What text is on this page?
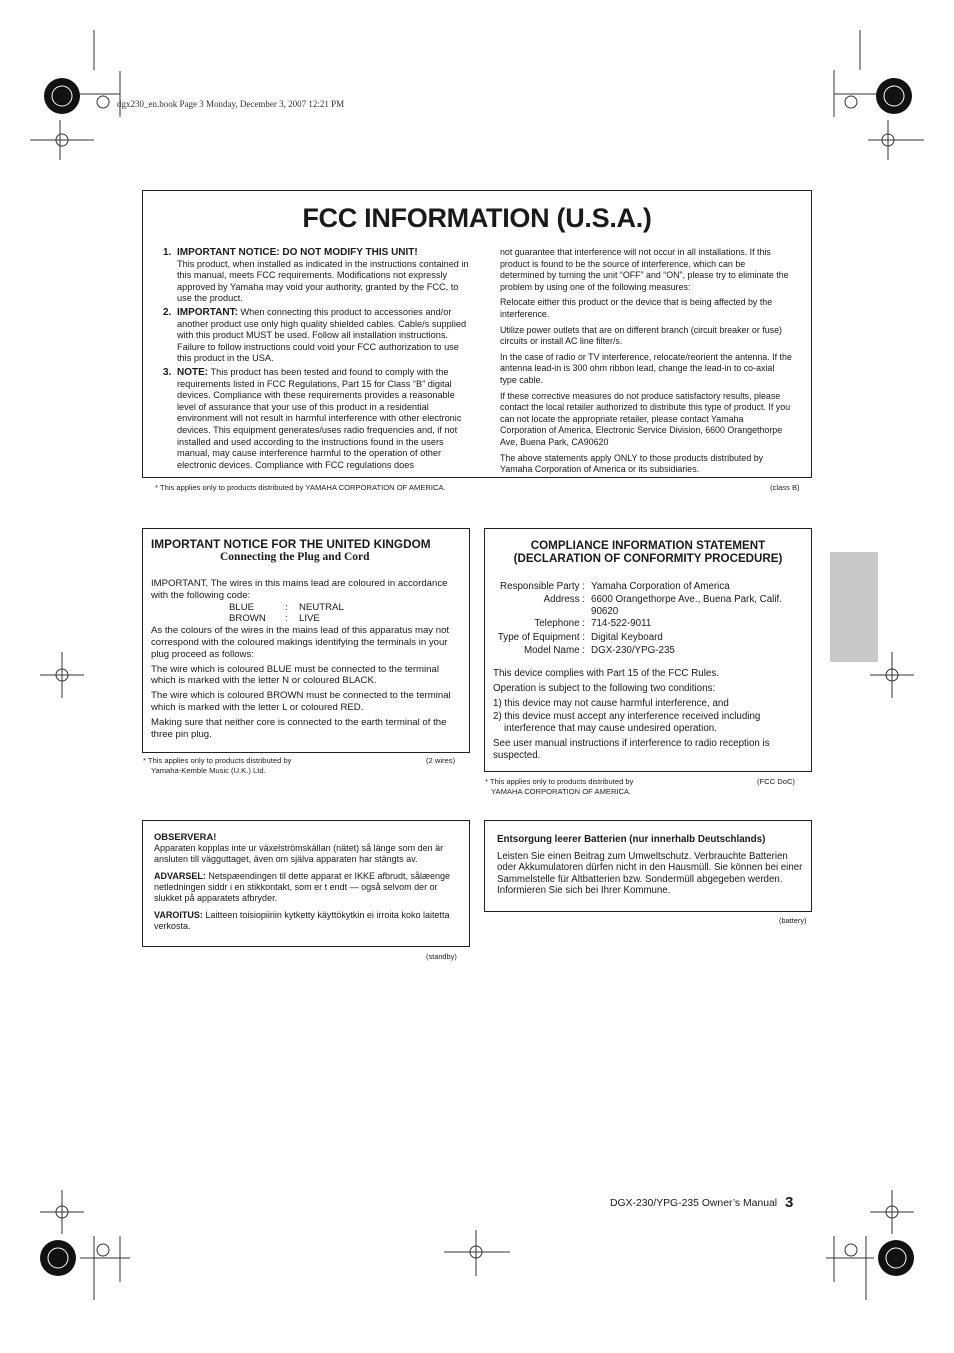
dgx230_en.book Page 3 Monday, December 3, 2007 12:21 PM
FCC INFORMATION (U.S.A.)
1. IMPORTANT NOTICE: DO NOT MODIFY THIS UNIT!
This product, when installed as indicated in the instructions contained in this manual, meets FCC requirements. Modifications not expressly approved by Yamaha may void your authority, granted by the FCC, to use the product.
2. IMPORTANT: When connecting this product to accessories and/or another product use only high quality shielded cables. Cable/s supplied with this product MUST be used. Follow all installation instructions. Failure to follow instructions could void your FCC authorization to use this product in the USA.
3. NOTE: This product has been tested and found to comply with the requirements listed in FCC Regulations, Part 15 for Class “B” digital devices. Compliance with these requirements provides a reasonable level of assurance that your use of this product in a residential environment will not result in harmful interference with other electronic devices. This equipment generates/uses radio frequencies and, if not installed and used according to the instructions found in the users manual, may cause interference harmful to the operation of other electronic devices. Compliance with FCC regulations does

not guarantee that interference will not occur in all installations. If this product is found to be the source of interference, which can be determined by turning the unit “OFF” and “ON”, please try to eliminate the problem by using one of the following measures:

Relocate either this product or the device that is being affected by the interference.

Utilize power outlets that are on different branch (circuit breaker or fuse) circuits or install AC line filter/s.

In the case of radio or TV interference, relocate/reorient the antenna. If the antenna lead-in is 300 ohm ribbon lead, change the lead-in to co-axial type cable.

If these corrective measures do not produce satisfactory results, please contact the local retailer authorized to distribute this type of product. If you can not locate the appropriate retailer, please contact Yamaha Corporation of America, Electronic Service Division, 6600 Orangethorpe Ave, Buena Park, CA90620

The above statements apply ONLY to those products distributed by Yamaha Corporation of America or its subsidiaries.

* This applies only to products distributed by YAMAHA CORPORATION OF AMERICA.	(class B)
IMPORTANT NOTICE FOR THE UNITED KINGDOM
Connecting the Plug and Cord

IMPORTANT. The wires in this mains lead are coloured in accordance with the following code:

BLUE	:	NEUTRAL
BROWN	:	LIVE

As the colours of the wires in the mains lead of this apparatus may not correspond with the coloured makings identifying the terminals in your plug proceed as follows:

The wire which is coloured BLUE must be connected to the terminal which is marked with the letter N or coloured BLACK.

The wire which is coloured BROWN must be connected to the terminal which is marked with the letter L or coloured RED.

Making sure that neither core is connected to the earth terminal of the three pin plug.

* This applies only to products distributed by
Yamaha-Kemble Music (U.K.) Ltd.
(2 wires)
COMPLIANCE INFORMATION STATEMENT
(DECLARATION OF CONFORMITY PROCEDURE)
Responsible Party : Yamaha Corporation of America
Address : 6600 Orangethorpe Ave., Buena Park, Calif. 90620
Telephone : 714-522-9011
Type of Equipment : Digital Keyboard
Model Name : DGX-230/YPG-235

This device complies with Part 15 of the FCC Rules.

Operation is subject to the following two conditions:

1) this device may not cause harmful interference, and

2) this device must accept any interference received including interference that may cause undesired operation.

See user manual instructions if interference to radio reception is suspected.

* This applies only to products distributed by
YAMAHA CORPORATION OF AMERICA.
(FCC DoC)

OBSERVERA!

Apparaten kopplas inte ur växelströmskällan (nätet) så länge som den är ansluten till vägguttaget, även om själva apparaten har stängts av.

ADVARSEL: Netspæendingen til dette apparat er IKKE afbrudt, sålæenge netledningen siddr i en stikkontakt, som er t endt — også selvom der or slukket på apparatets afbryder.

VAROITUS: Laitteen toisiopiiriin kytketty käyttökytkin ei irroita koko laitetta verkosta.

(standby)

Entsorgung leerer Batterien (nur innerhalb Deutschlands)

Leisten Sie einen Beitrag zum Umweltschutz. Verbrauchte Batterien oder Akkumulatoren dürfen nicht in den Hausmüll. Sie können bei einer Sammelstelle für Altbatterien bzw. Sondermüll abgegeben werden. Informieren Sie sich bei Ihrer Kommune.

(battery)
DGX-230/YPG-235 Owner’s Manual 3
